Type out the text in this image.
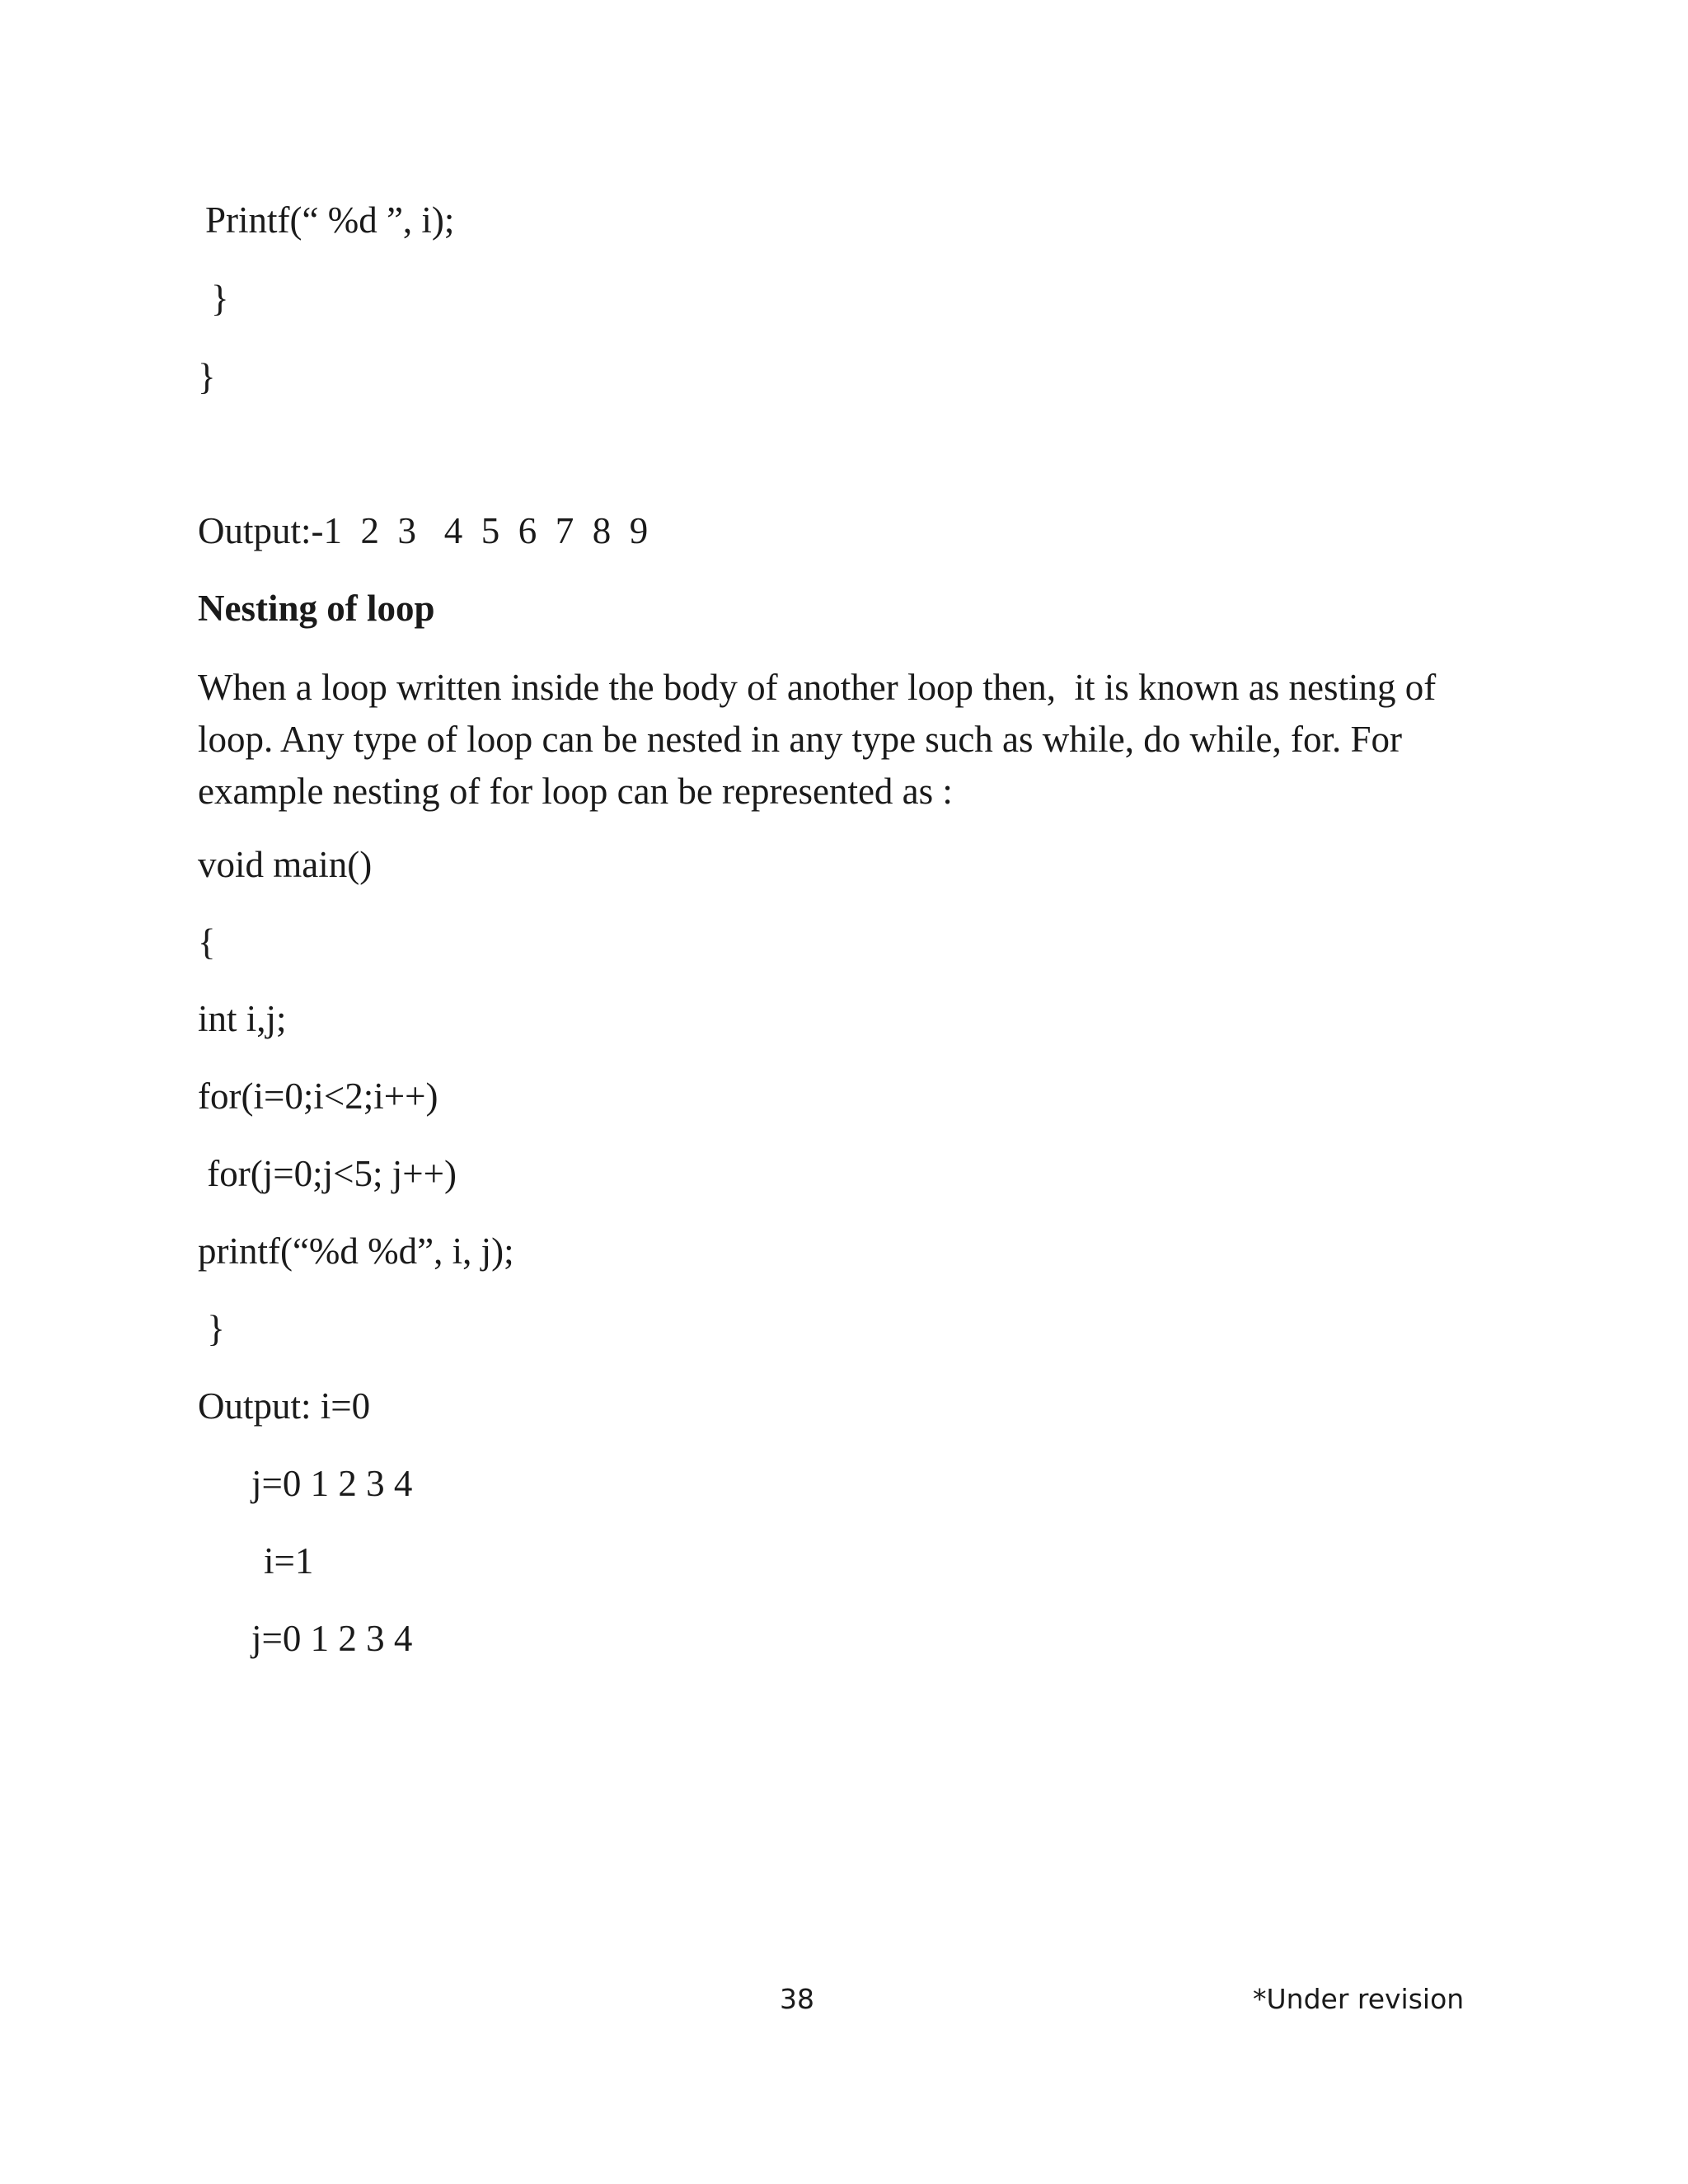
Printf(“ %d ”, i);

}

}

Output:-1  2  3   4  5  6  7  8  9

Nesting of loop

When a loop written inside the body of another loop then,  it is known as nesting of
loop. Any type of loop can be nested in any type such as while, do while, for. For
example nesting of for loop can be represented as :

void main()

{

int i,j;

for(i=0;i<2;i++)

for(j=0;j<5; j++)

printf(“%d %d”, i, j);

}

Output: i=0

j=0 1 2 3 4

i=1

j=0 1 2 3 4

38	*Under revision
